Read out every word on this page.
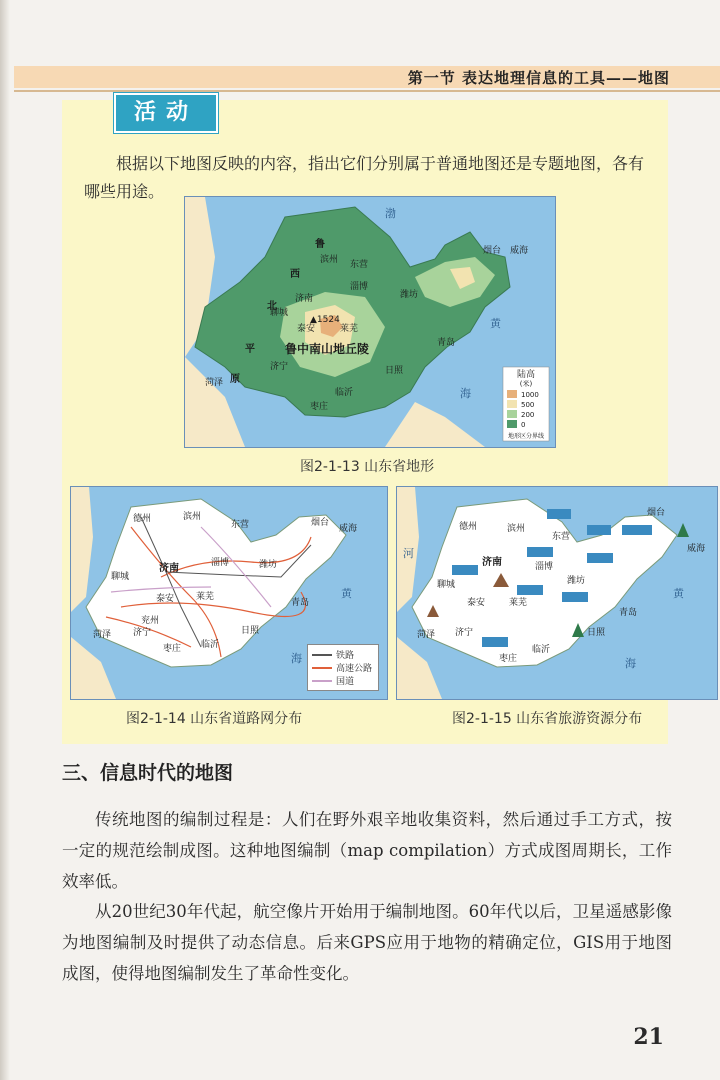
第一节 表达地理信息的工具——地图
活动
根据以下地图反映的内容，指出它们分别属于普通地图还是专题地图，各有哪些用途。
陆高
(米)
1000
500
200
0
地形区分界线
鲁
西
北
平
原
鲁中南山地丘陵
济南
聊城
滨州 东营
淄博
潍坊
▲1524
泰安	莱芜
济宁
菏泽
临沂
枣庄
日照
青岛
烟台 威海
渤
黄
海
图2-1-13 山东省地形
德州	滨州
东营	烟台
威海
济南	淄博	潍坊
聊城
泰安 莱芜
青岛
菏泽 济宁
兖州
日照
临沂
枣庄
黄
海	铁路
高速公路
国道
图2-1-14 山东省道路网分布
滨州
东营
德州
烟台
威海
济南	淄博
潍坊
聊城
泰安	莱芜
青岛
菏泽 济宁	日照
临沂
枣庄
黄
海
河
图2-1-15 山东省旅游资源分布
三、信息时代的地图
传统地图的编制过程是：人们在野外艰辛地收集资料，然后通过手工方式，按一定的规范绘制成图。这种地图编制（map compilation）方式成图周期长，工作效率低。
从20世纪30年代起，航空像片开始用于编制地图。60年代以后，卫星遥感影像为地图编制及时提供了动态信息。后来GPS应用于地物的精确定位，GIS用于地图成图，使得地图编制发生了革命性变化。
21
